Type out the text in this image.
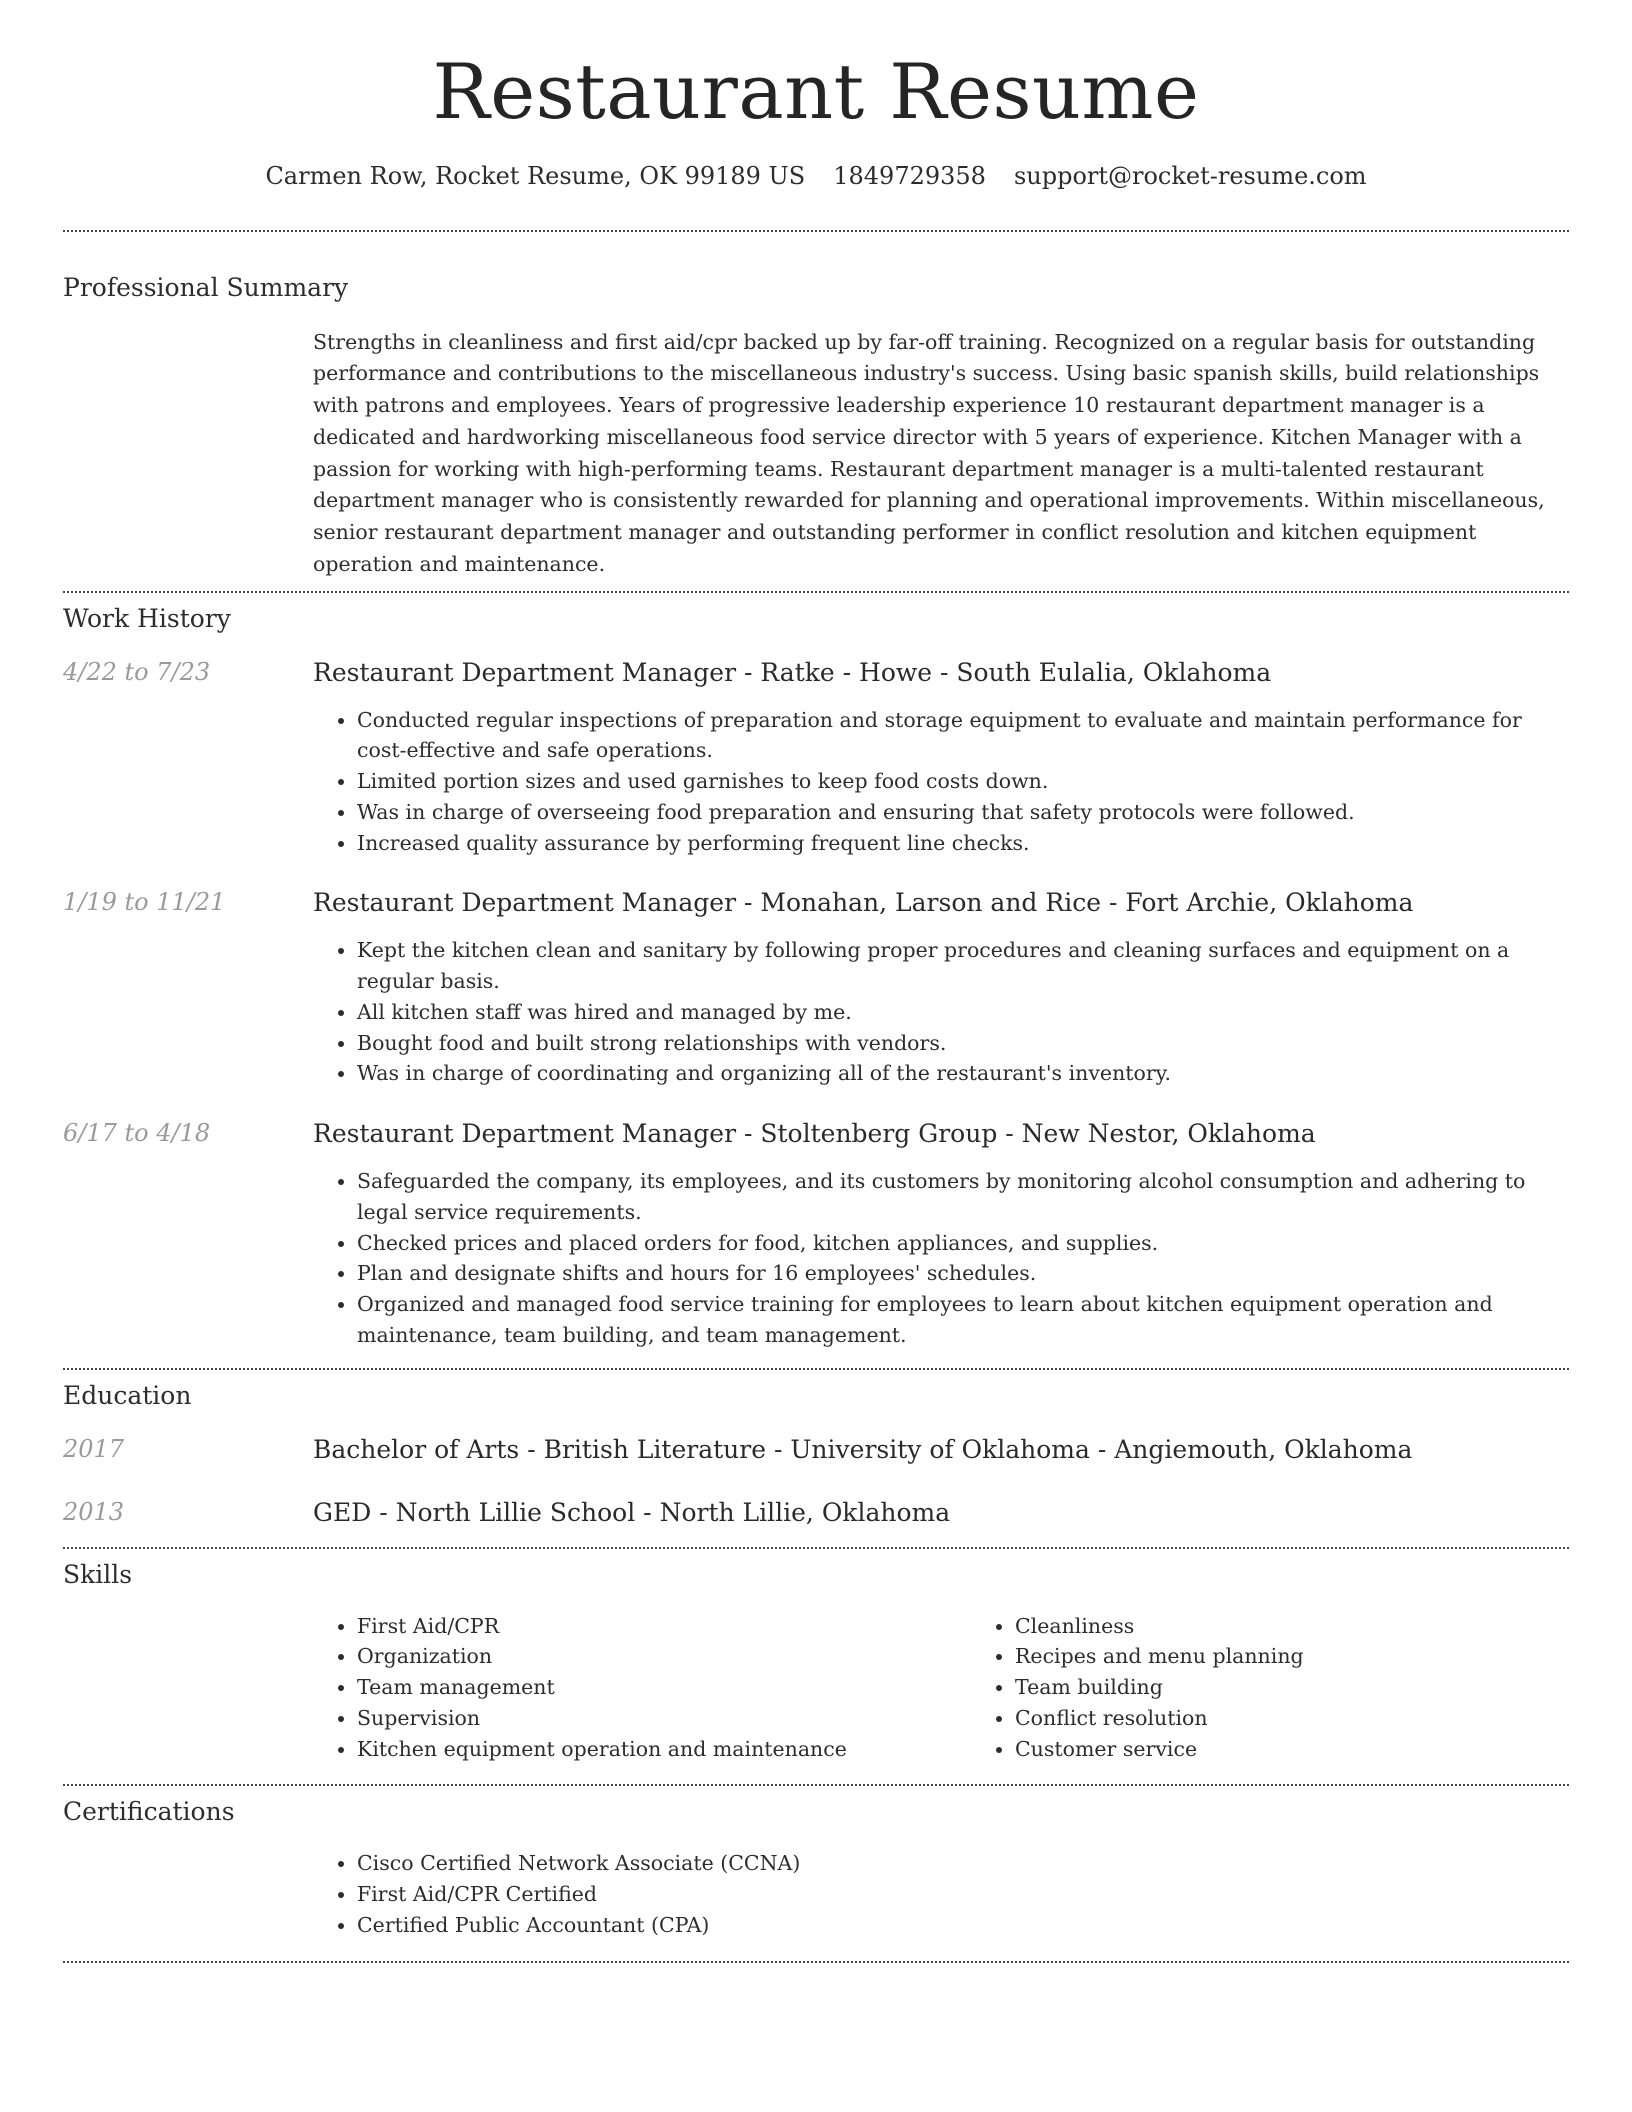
Restaurant Resume
Carmen Row, Rocket Resume, OK 99189 US 1849729358 support@rocket-resume.com
Professional Summary

Strengths in cleanliness and first aid/cpr backed up by far-off training. Recognized on a regular basis for outstanding performance and contributions to the miscellaneous industry's success. Using basic spanish skills, build relationships with patrons and employees. Years of progressive leadership experience 10 restaurant department manager is a dedicated and hardworking miscellaneous food service director with 5 years of experience. Kitchen Manager with a passion for working with high-performing teams. Restaurant department manager is a multi-talented restaurant department manager who is consistently rewarded for planning and operational improvements. Within miscellaneous, senior restaurant department manager and outstanding performer in conflict resolution and kitchen equipment operation and maintenance.

Work History
4/22 to 7/23	Restaurant Department Manager - Ratke - Howe - South Eulalia, Oklahoma
• Conducted regular inspections of preparation and storage equipment to evaluate and maintain performance for cost-effective and safe operations.
• Limited portion sizes and used garnishes to keep food costs down.
• Was in charge of overseeing food preparation and ensuring that safety protocols were followed.
• Increased quality assurance by performing frequent line checks.
1/19 to 11/21	Restaurant Department Manager - Monahan, Larson and Rice - Fort Archie, Oklahoma
• Kept the kitchen clean and sanitary by following proper procedures and cleaning surfaces and equipment on a regular basis.
• All kitchen staff was hired and managed by me.
• Bought food and built strong relationships with vendors.
• Was in charge of coordinating and organizing all of the restaurant's inventory.
6/17 to 4/18	Restaurant Department Manager - Stoltenberg Group - New Nestor, Oklahoma
• Safeguarded the company, its employees, and its customers by monitoring alcohol consumption and adhering to legal service requirements.
• Checked prices and placed orders for food, kitchen appliances, and supplies.
• Plan and designate shifts and hours for 16 employees' schedules.
• Organized and managed food service training for employees to learn about kitchen equipment operation and maintenance, team building, and team management.
Education
2017	Bachelor of Arts - British Literature - University of Oklahoma - Angiemouth, Oklahoma
2013	GED - North Lillie School - North Lillie, Oklahoma
Skills
• First Aid/CPR
• Organization
• Team management
• Supervision
• Kitchen equipment operation and maintenance
• Cleanliness
• Recipes and menu planning
• Team building
• Conflict resolution
• Customer service
Certifications
• Cisco Certified Network Associate (CCNA)
• First Aid/CPR Certified
• Certified Public Accountant (CPA)
